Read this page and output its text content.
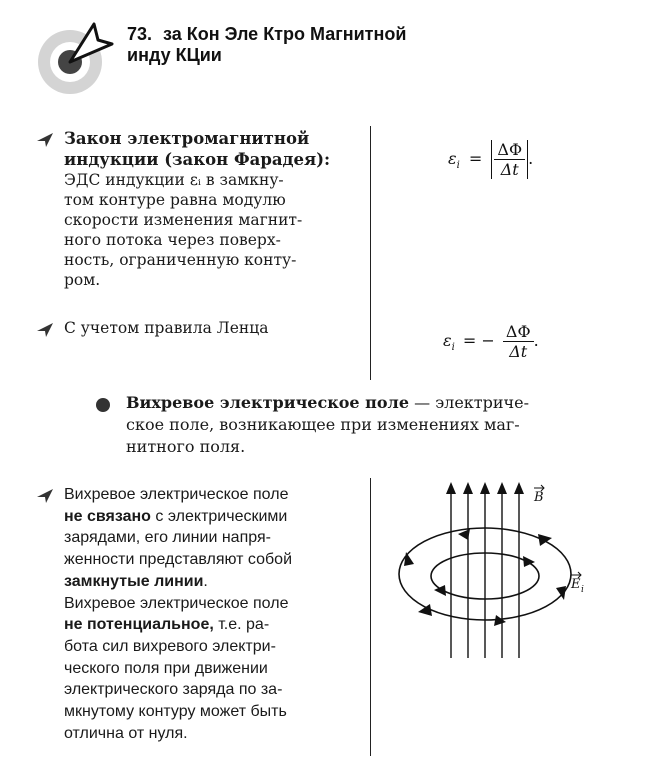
73. за Кон Эле Ктро Магнитной
инду КЦии
Закон электромагнитной индукции (закон Фарадея):
ЭДС индукции εᵢ в замкну-
том контуре равна модулю
скорости изменения магнит-
ного потока через поверх-
ность, ограниченную конту-
ром.
С учетом правила Ленца
$\varepsilon_i = \frac{\Delta\Phi}{\Delta t}$ .
$\varepsilon_i$ = − $\frac{\Delta\Phi}{\Delta t}$ .
Вихревое электрическое поле — электриче-
ское поле, возникающее при изменениях маг-
нитного поля.
Вихревое электрическое поле
не связано с электрическими
зарядами, его линии напря-
женности представляют собой
замкнутые линии.
Вихревое электрическое поле
не потенциальное, т.е. ра-
бота сил вихревого электри-
ческого поля при движении
электрического заряда по за-
мкнутому контуру может быть
отлична от нуля.
B
E i
